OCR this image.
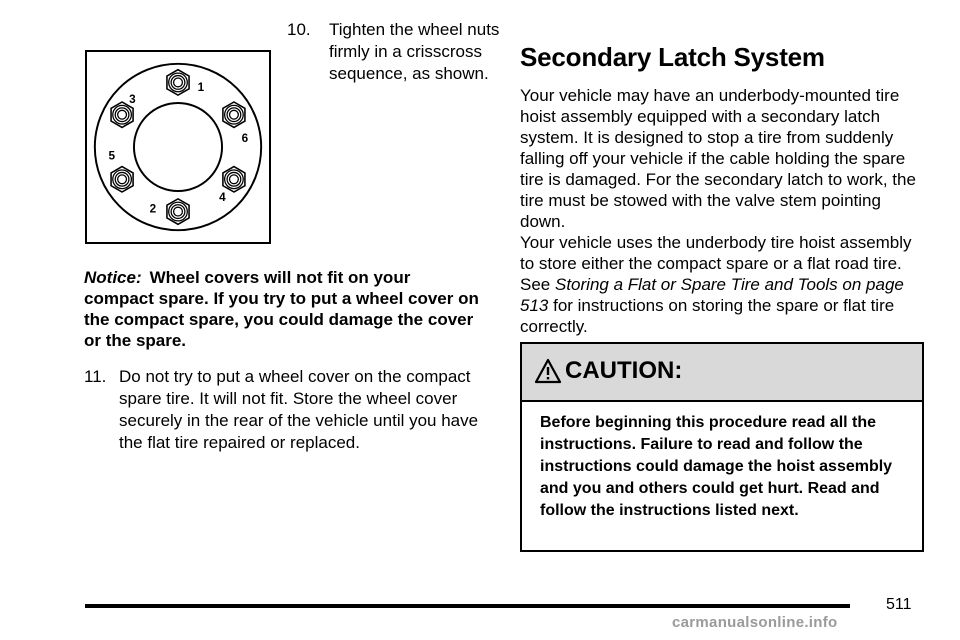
1
3
6
5
4
2
10. Tighten the wheel nuts firmly in a crisscross sequence, as shown.
Notice: Wheel covers will not fit on your compact spare. If you try to put a wheel cover on the compact spare, you could damage the cover or the spare.
11. Do not try to put a wheel cover on the compact spare tire. It will not fit. Store the wheel cover securely in the rear of the vehicle until you have the flat tire repaired or replaced.
Secondary Latch System
Your vehicle may have an underbody-mounted tire hoist assembly equipped with a secondary latch system. It is designed to stop a tire from suddenly falling off your vehicle if the cable holding the spare tire is damaged. For the secondary latch to work, the tire must be stowed with the valve stem pointing down.
Your vehicle uses the underbody tire hoist assembly to store either the compact spare or a flat road tire. See Storing a Flat or Spare Tire and Tools on page 513 for instructions on storing the spare or flat tire correctly.
CAUTION:
Before beginning this procedure read all the instructions. Failure to read and follow the instructions could damage the hoist assembly and you and others could get hurt. Read and follow the instructions listed next.
511
carmanualsonline.info
